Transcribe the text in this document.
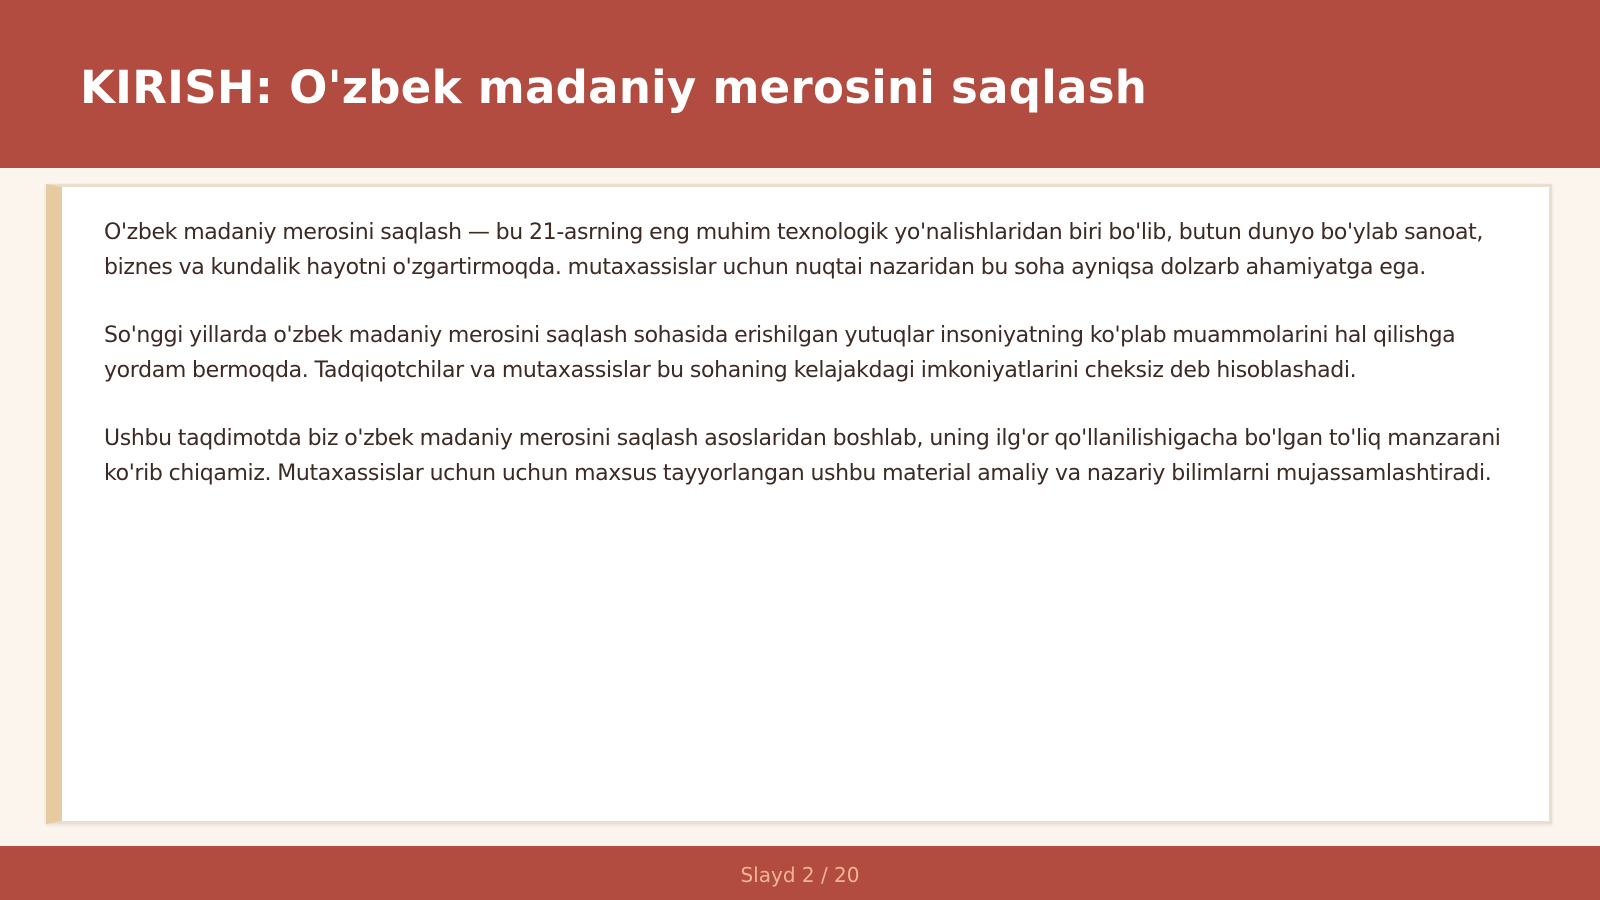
KIRISH: O'zbek madaniy merosini saqlash

O'zbek madaniy merosini saqlash — bu 21-asrning eng muhim texnologik yo'nalishlaridan biri bo'lib, butun dunyo bo'ylab sanoat, biznes va kundalik hayotni o'zgartirmoqda. mutaxassislar uchun nuqtai nazaridan bu soha ayniqsa dolzarb ahamiyatga ega.

So'nggi yillarda o'zbek madaniy merosini saqlash sohasida erishilgan yutuqlar insoniyatning ko'plab muammolarini hal qilishga yordam bermoqda. Tadqiqotchilar va mutaxassislar bu sohaning kelajakdagi imkoniyatlarini cheksiz deb hisoblashadi.

Ushbu taqdimotda biz o'zbek madaniy merosini saqlash asoslaridan boshlab, uning ilg'or qo'llanilishigacha bo'lgan to'liq manzarani ko'rib chiqamiz. Mutaxassislar uchun uchun maxsus tayyorlangan ushbu material amaliy va nazariy bilimlarni mujassamlashtiradi.

Slayd 2 / 20
